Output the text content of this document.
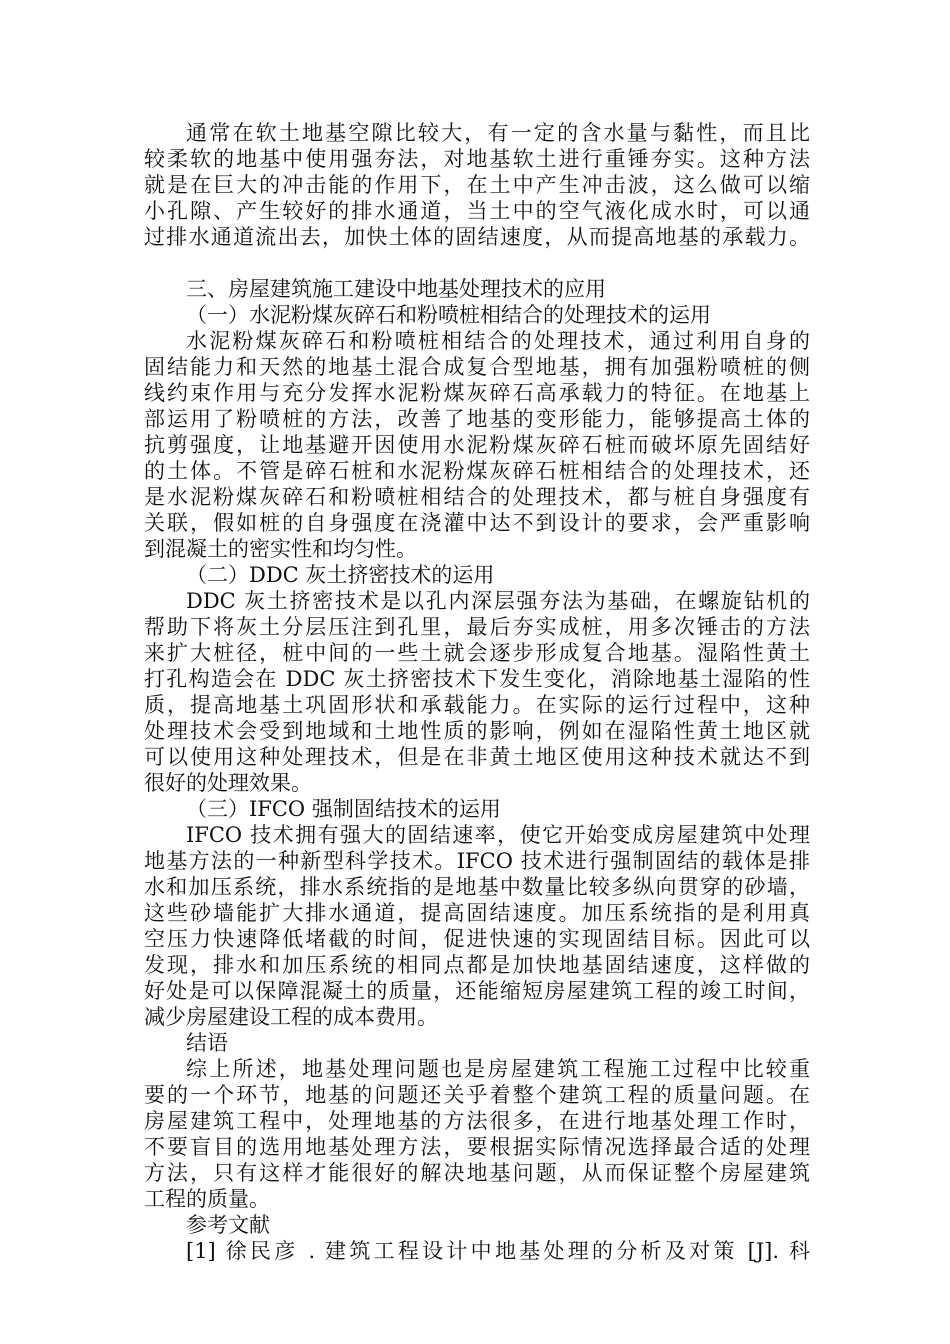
通常在软土地基空隙比较大，有一定的含水量与黏性，而且比
较柔软的地基中使用强夯法，对地基软土进行重锤夯实。这种方法
就是在巨大的冲击能的作用下，在土中产生冲击波，这么做可以缩
小孔隙、产生较好的排水通道，当土中的空气液化成水时，可以通
过排水通道流出去，加快土体的固结速度，从而提高地基的承载力。
三、房屋建筑施工建设中地基处理技术的应用
（一）水泥粉煤灰碎石和粉喷桩相结合的处理技术的运用
水泥粉煤灰碎石和粉喷桩相结合的处理技术，通过利用自身的
固结能力和天然的地基土混合成复合型地基，拥有加强粉喷桩的侧
线约束作用与充分发挥水泥粉煤灰碎石高承载力的特征。在地基上
部运用了粉喷桩的方法，改善了地基的变形能力，能够提高土体的
抗剪强度，让地基避开因使用水泥粉煤灰碎石桩而破坏原先固结好
的土体。不管是碎石桩和水泥粉煤灰碎石桩相结合的处理技术，还
是水泥粉煤灰碎石和粉喷桩相结合的处理技术，都与桩自身强度有
关联，假如桩的自身强度在浇灌中达不到设计的要求，会严重影响
到混凝土的密实性和均匀性。
（二）DDC 灰土挤密技术的运用
DDC 灰土挤密技术是以孔内深层强夯法为基础，在螺旋钻机的
帮助下将灰土分层压注到孔里，最后夯实成桩，用多次锤击的方法
来扩大桩径，桩中间的一些土就会逐步形成复合地基。湿陷性黄土
打孔构造会在 DDC 灰土挤密技术下发生变化，消除地基土湿陷的性
质，提高地基土巩固形状和承载能力。在实际的运行过程中，这种
处理技术会受到地域和土地性质的影响，例如在湿陷性黄土地区就
可以使用这种处理技术，但是在非黄土地区使用这种技术就达不到
很好的处理效果。
（三）IFCO 强制固结技术的运用
IFCO 技术拥有强大的固结速率，使它开始变成房屋建筑中处理
地基方法的一种新型科学技术。IFCO 技术进行强制固结的载体是排
水和加压系统，排水系统指的是地基中数量比较多纵向贯穿的砂墙，
这些砂墙能扩大排水通道，提高固结速度。加压系统指的是利用真
空压力快速降低堵截的时间，促进快速的实现固结目标。因此可以
发现，排水和加压系统的相同点都是加快地基固结速度，这样做的
好处是可以保障混凝土的质量，还能缩短房屋建筑工程的竣工时间，
减少房屋建设工程的成本费用。
结语
综上所述，地基处理问题也是房屋建筑工程施工过程中比较重
要的一个环节，地基的问题还关乎着整个建筑工程的质量问题。在
房屋建筑工程中，处理地基的方法很多，在进行地基处理工作时，
不要盲目的选用地基处理方法，要根据实际情况选择最合适的处理
方法，只有这样才能很好的解决地基问题，从而保证整个房屋建筑
工程的质量。
参考文献
[1] 徐民彦 . 建筑工程设计中地基处理的分析及对策 [J]. 科
